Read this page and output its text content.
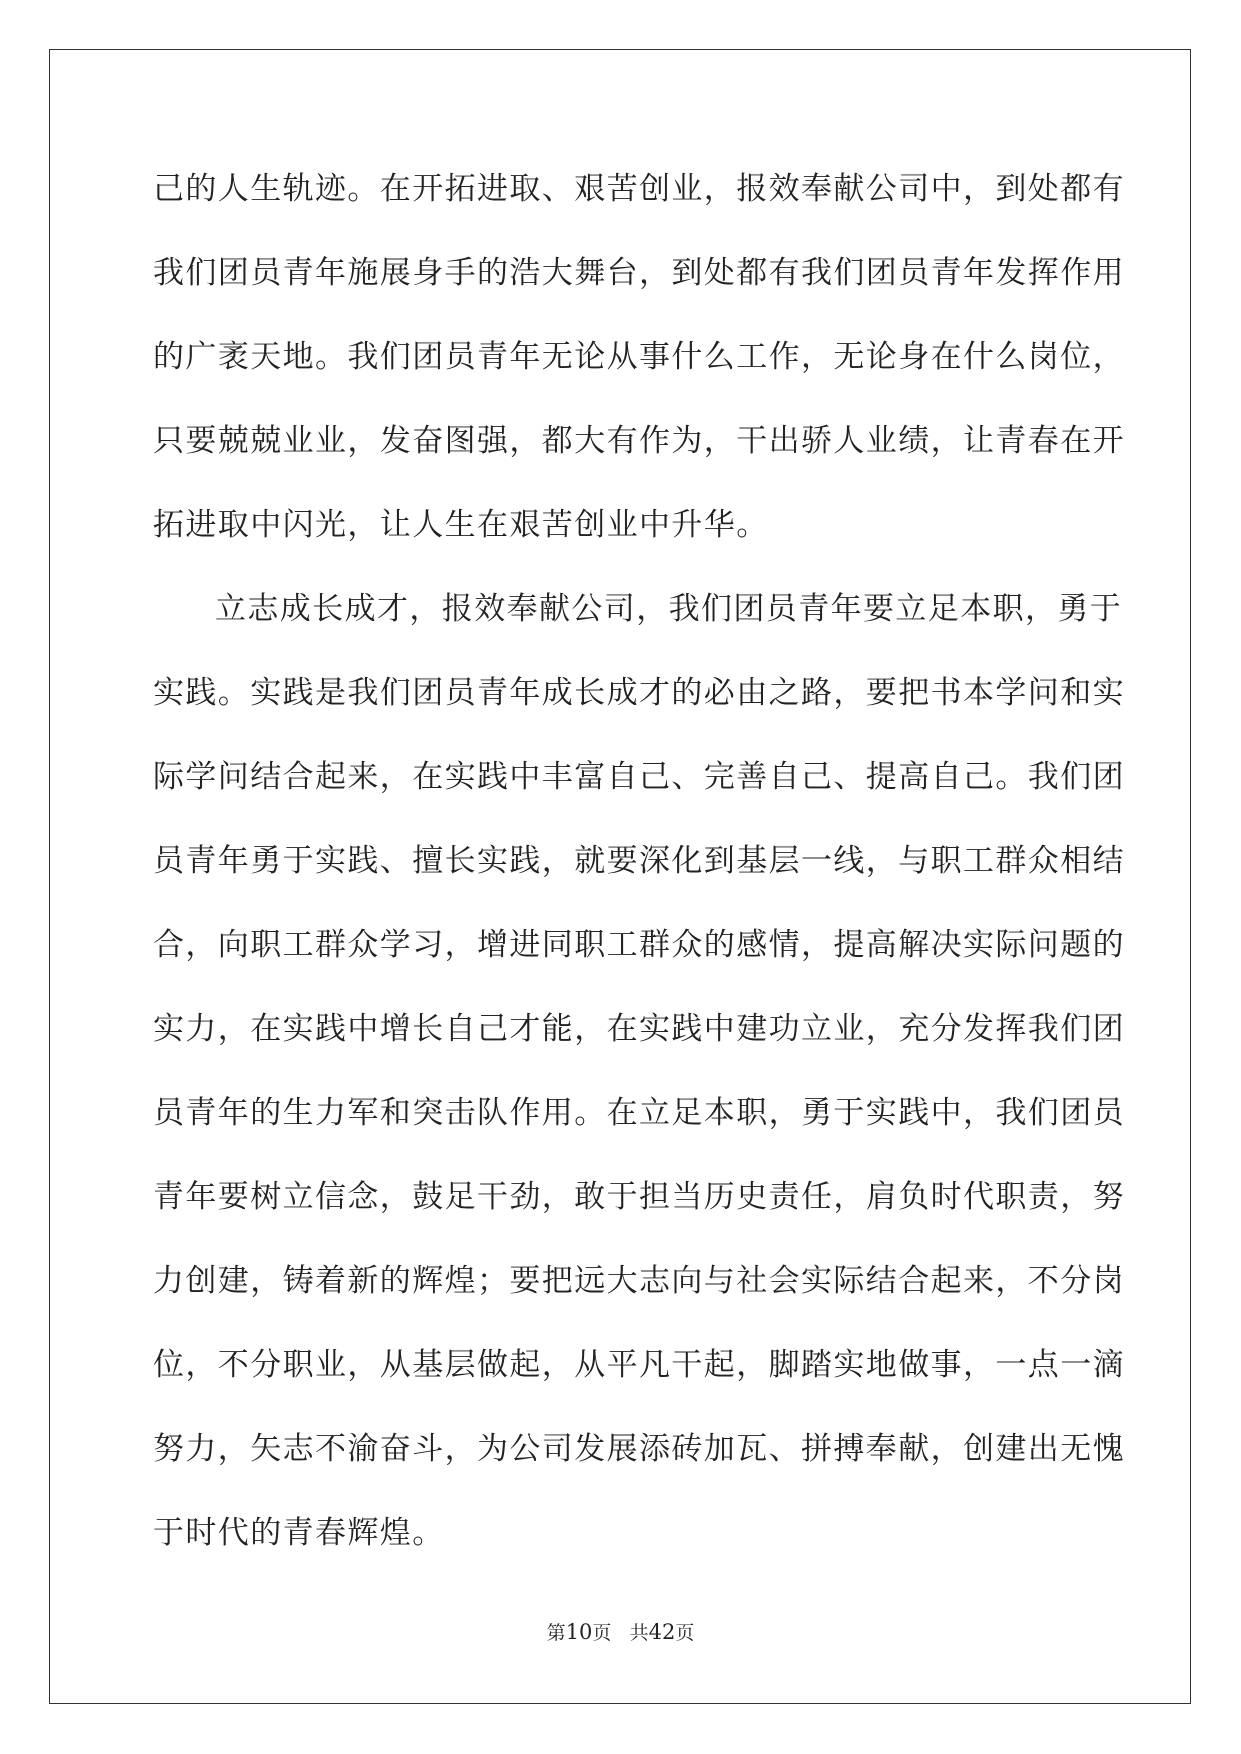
己的人生轨迹。在开拓进取、艰苦创业，报效奉献公司中，到处都有
我们团员青年施展身手的浩大舞台，到处都有我们团员青年发挥作用
的广袤天地。我们团员青年无论从事什么工作，无论身在什么岗位，
只要兢兢业业，发奋图强，都大有作为，干出骄人业绩，让青春在开
拓进取中闪光，让人生在艰苦创业中升华。
立志成长成才，报效奉献公司，我们团员青年要立足本职，勇于
实践。实践是我们团员青年成长成才的必由之路，要把书本学问和实
际学问结合起来，在实践中丰富自己、完善自己、提高自己。我们团
员青年勇于实践、擅长实践，就要深化到基层一线，与职工群众相结
合，向职工群众学习，增进同职工群众的感情，提高解决实际问题的
实力，在实践中增长自己才能，在实践中建功立业，充分发挥我们团
员青年的生力军和突击队作用。在立足本职，勇于实践中，我们团员
青年要树立信念，鼓足干劲，敢于担当历史责任，肩负时代职责，努
力创建，铸着新的辉煌；要把远大志向与社会实际结合起来，不分岗
位，不分职业，从基层做起，从平凡干起，脚踏实地做事，一点一滴
努力，矢志不渝奋斗，为公司发展添砖加瓦、拼搏奉献，创建出无愧
于时代的青春辉煌。
第10页 共42页
